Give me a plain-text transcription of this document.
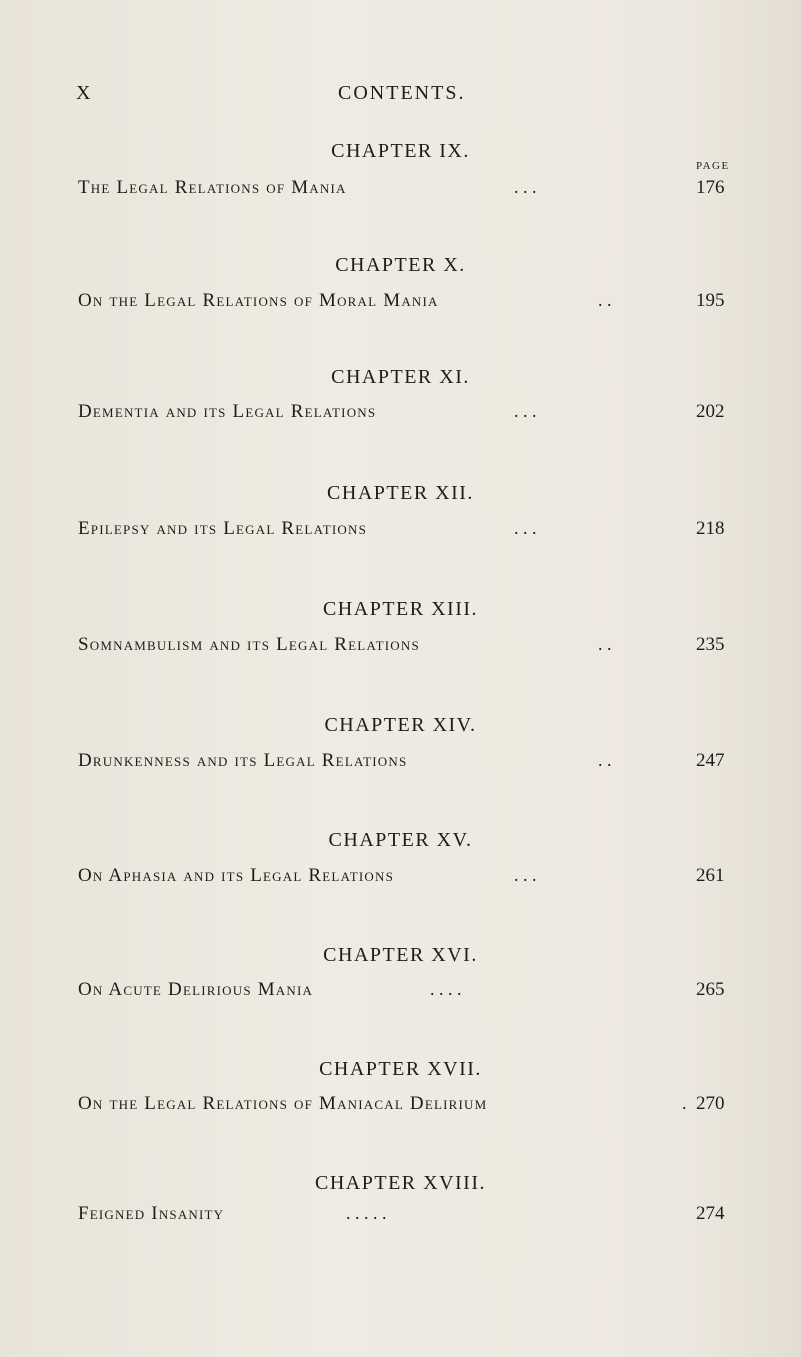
X	CONTENTS.
PAGE
CHAPTER IX.
The Legal Relations of Mania	. . .	176
CHAPTER X.
On the Legal Relations of Moral Mania	. .	195
CHAPTER XI.
Dementia and its Legal Relations	. . .	202
CHAPTER XII.
Epilepsy and its Legal Relations	. . .	218
CHAPTER XIII.
Somnambulism and its Legal Relations	. .	235
CHAPTER XIV.
Drunkenness and its Legal Relations	. .	247
CHAPTER XV.
On Aphasia and its Legal Relations	. . .	261
CHAPTER XVI.
On Acute Delirious Mania	. . . .	265
CHAPTER XVII.
On the Legal Relations of Maniacal Delirium	. 270
CHAPTER XVIII.
Feigned Insanity	. . . . .	274
